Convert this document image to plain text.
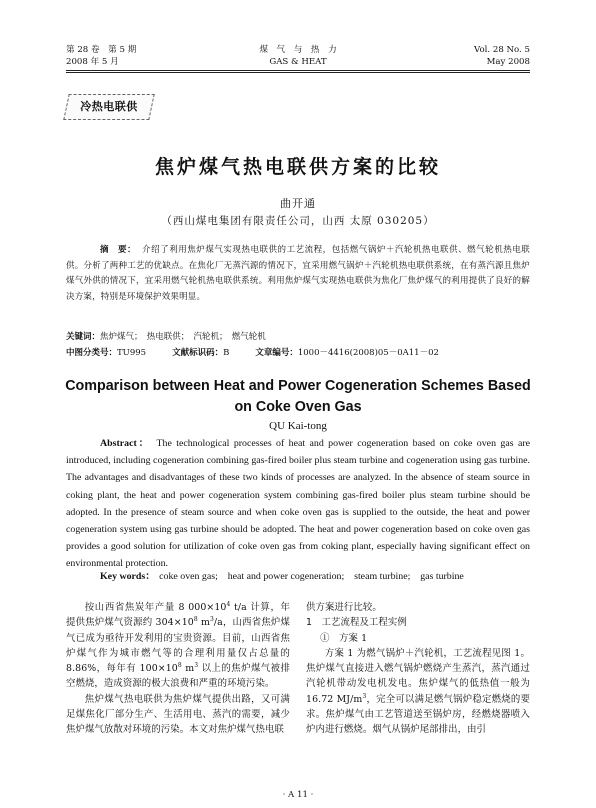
第 28 卷　第 5 期
2008 年 5 月
煤　气　与　热　力
GAS & HEAT
Vol. 28 No. 5
May 2008
冷热电联供
焦炉煤气热电联供方案的比较
曲开通
（西山煤电集团有限责任公司，山西 太原 030205）
摘　要： 介绍了利用焦炉煤气实现热电联供的工艺流程，包括燃气锅炉＋汽轮机热电联供、燃气轮机热电联供。分析了两种工艺的优缺点。在焦化厂无蒸汽源的情况下，宜采用燃气锅炉＋汽轮机热电联供系统，在有蒸汽源且焦炉煤气外供的情况下，宜采用燃气轮机热电联供系统。利用焦炉煤气实现热电联供为焦化厂焦炉煤气的利用提供了良好的解决方案，特别是环境保护效果明显。
关键词：焦炉煤气；　热电联供；　汽轮机；　燃气轮机
中图分类号：TU995	文献标识码：B	文章编号：1000－4416(2008)05－0A11－02
Comparison between Heat and Power Cogeneration Schemes Based
on Coke Oven Gas
QU Kai-tong
Abstract： The technological processes of heat and power cogeneration based on coke oven gas are introduced, including cogeneration combining gas-fired boiler plus steam turbine and cogeneration using gas turbine. The advantages and disadvantages of these two kinds of processes are analyzed. In the absence of steam source in coking plant, the heat and power cogeneration system combining gas-fired boiler plus steam turbine should be adopted. In the presence of steam source and when coke oven gas is supplied to the outside, the heat and power cogeneration system using gas turbine should be adopted. The heat and power cogeneration based on coke oven gas provides a good solution for utilization of coke oven gas from coking plant, especially having significant effect on environmental protection.
Key words： coke oven gas;　heat and power cogeneration;　steam turbine;　gas turbine

按山西省焦炭年产量 8 $000\times 10^4$ t/a 计算，年提供焦炉煤气资源约 $304\times 10^8$ $m^3/a$，山西省焦炉煤气已成为亟待开发利用的宝贵资源。目前，山西省焦炉煤气作为城市燃气等的合理利用量仅占总量的 8.86%，每年有 $100\times 10^8$ $m^3$ 以上的焦炉煤气被排空燃烧，造成资源的极大浪费和严重的环境污染。

焦炉煤气热电联供为焦炉煤气提供出路，又可满足煤焦化厂部分生产、生活用电、蒸汽的需要，减少焦炉煤气放散对环境的污染。本文对焦炉煤气热电联

供方案进行比较。

1　工艺流程及工程实例

①　方案 1

方案 1 为燃气锅炉＋汽轮机，工艺流程见图 1。焦炉煤气直接进入燃气锅炉燃烧产生蒸汽，蒸汽通过汽轮机带动发电机发电。焦炉煤气的低热值一般为 16.72 $MJ/m^3$，完全可以满足燃气锅炉稳定燃烧的要求。焦炉煤气由工艺管道送至锅炉房，经燃烧器喷入炉内进行燃烧。烟气从锅炉尾部排出，由引

· A 11 ·
